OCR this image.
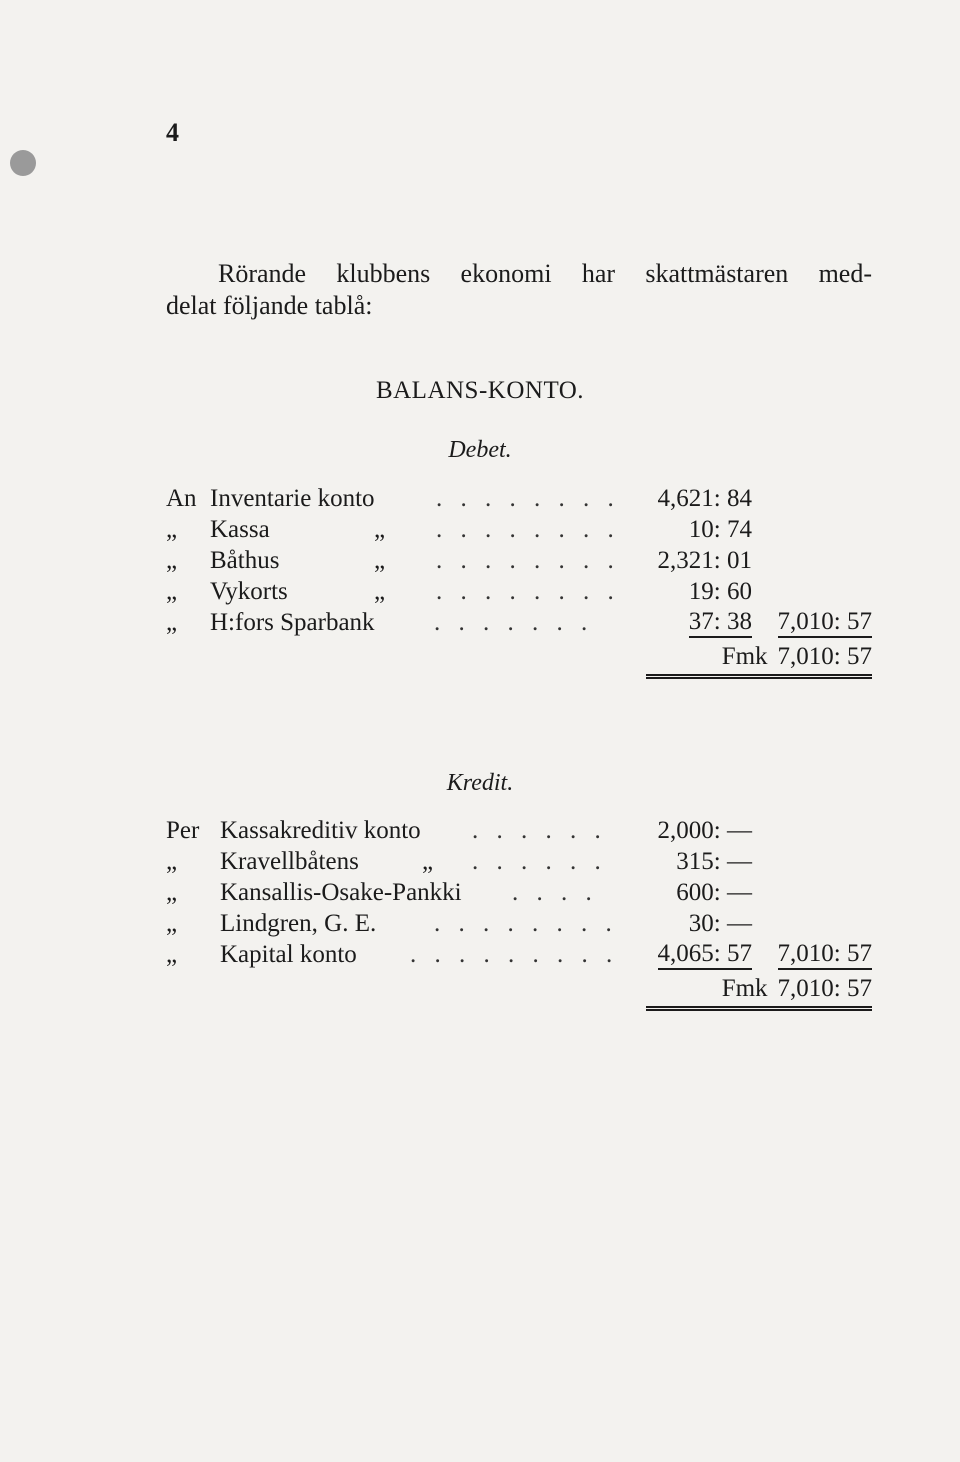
4
Rörande klubbens ekonomi har skattmästaren med-
delat följande tablå:
BALANS-KONTO.
Debet.
An Inventarie konto . . . . . . . . 4,621: 84
„ Kassa	„ . . . . . . . .	10: 74
„ Båthus	„ . . . . . . . . 2,321: 01
„ Vykorts	„ . . . . . . . .	19: 60
„ H:fors Sparbank . . . . . . .	37: 38 7,010: 57
Fmk 7,010: 57
Kredit.
Per Kassakreditiv konto . . . . . . 2,000: —
„ Kravellbåtens	„ . . . . . .	315: —
„ Kansallis-Osake-Pankki . . . .	600: —
„ Lindgren, G. E. . . . . . . . .	30: —
„ Kapital konto . . . . . . . . . 4,065: 57 7,010: 57
Fmk 7,010: 57
